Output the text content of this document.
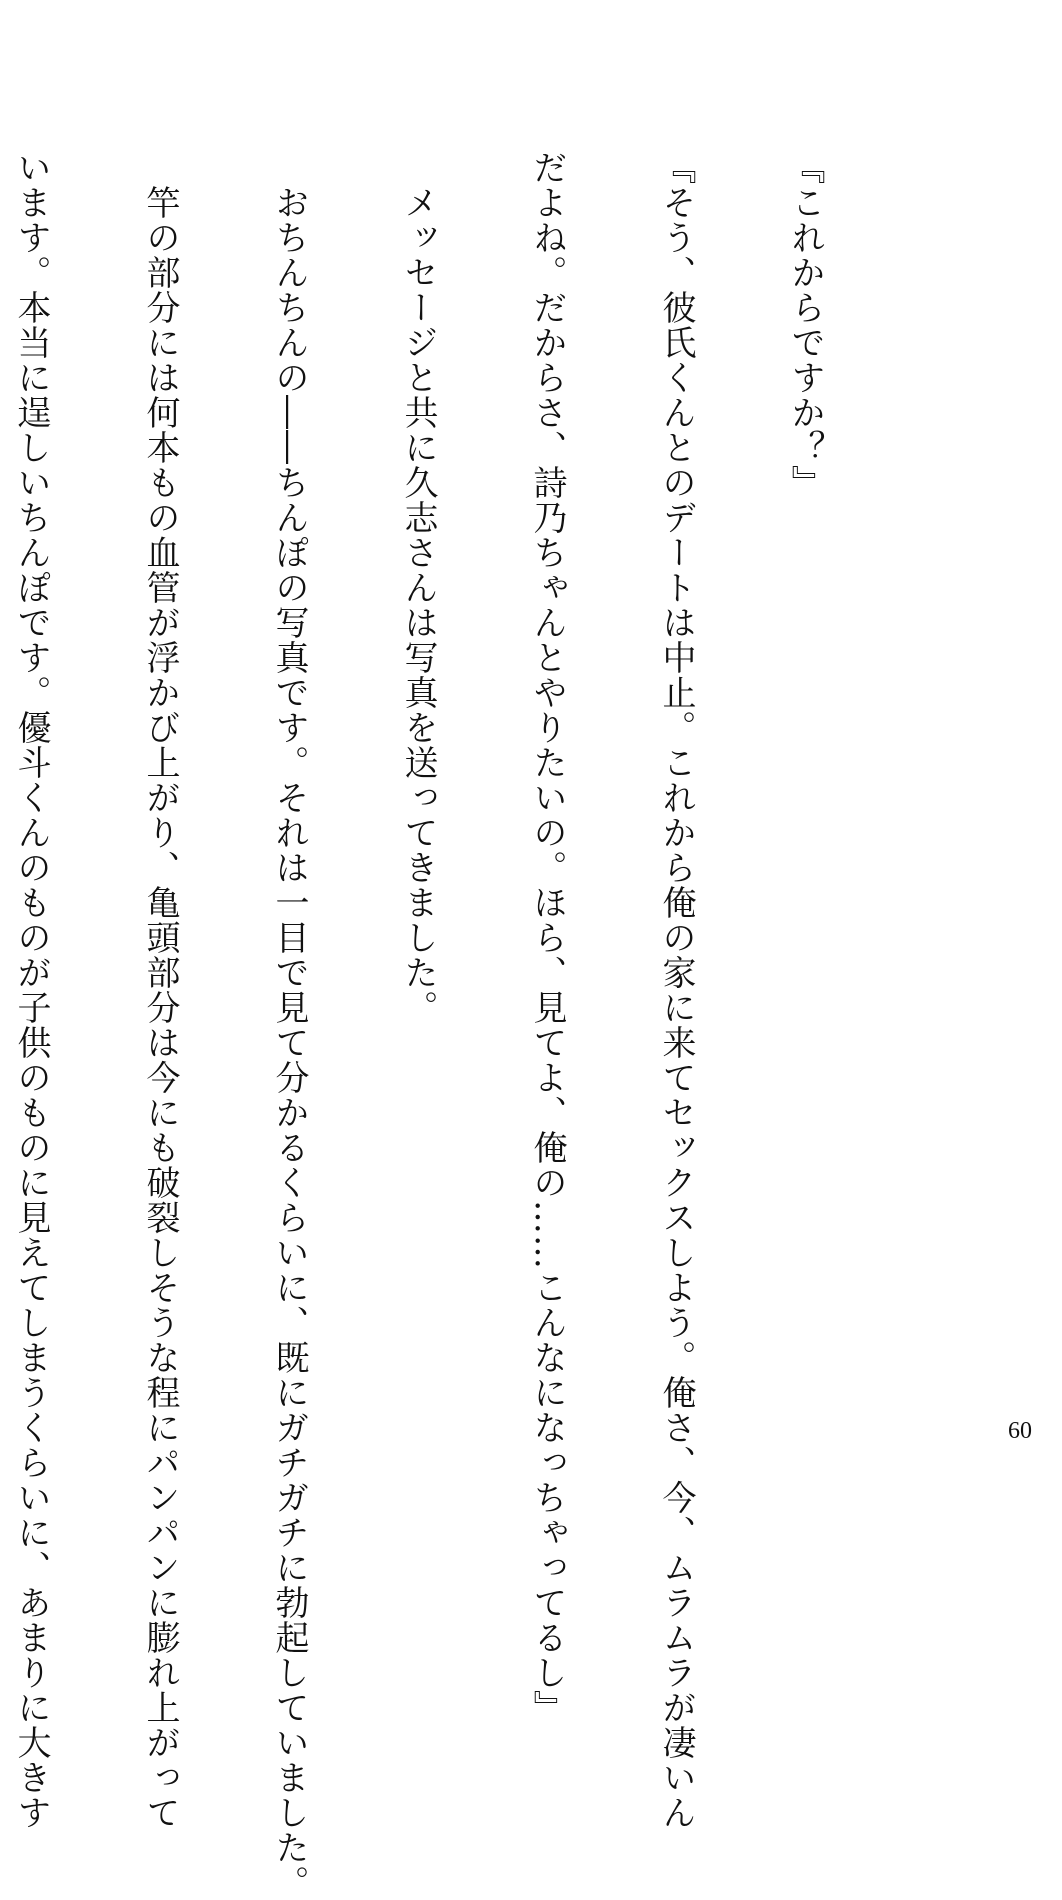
『これからですか？』

『そう、彼氏くんとのデートは中止。これから俺の家に来てセックスしよう。俺さ、今、ムラムラが凄いん

だよね。だからさ、詩乃ちゃんとやりたいの。ほら、見てよ、俺の……こんなになっちゃってるし』

　メッセージと共に久志さんは写真を送ってきました。

　おちんちんの――ちんぽの写真です。それは一目で見て分かるくらいに、既にガチガチに勃起していました。

　竿の部分には何本もの血管が浮かび上がり、亀頭部分は今にも破裂しそうな程にパンパンに膨れ上がって

います。本当に逞しいちんぽです。優斗くんのものが子供のものに見えてしまうくらいに、あまりに大きす

	60
